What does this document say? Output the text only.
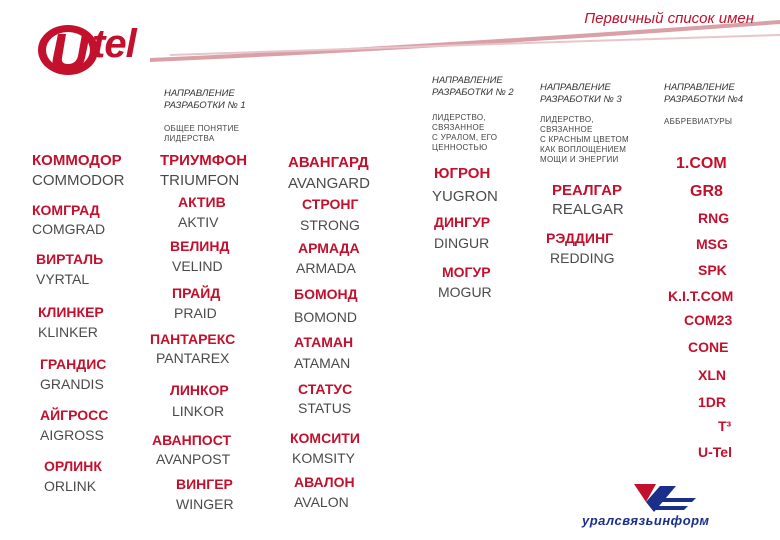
Первичный список имен
tel
НАПРАВЛЕНИЕ
РАЗРАБОТКИ № 1
ОБЩЕЕ ПОНЯТИЕ
ЛИДЕРСТВА
НАПРАВЛЕНИЕ
РАЗРАБОТКИ № 2
ЛИДЕРСТВО,
СВЯЗАННОЕ
С УРАЛОМ, ЕГО
ЦЕННОСТЬЮ
НАПРАВЛЕНИЕ
РАЗРАБОТКИ № 3
ЛИДЕРСТВО,
СВЯЗАННОЕ
С КРАСНЫМ ЦВЕТОМ
КАК ВОПЛОЩЕНИЕМ
МОЩИ И ЭНЕРГИИ
НАПРАВЛЕНИЕ
РАЗРАБОТКИ №4
АББРЕВИАТУРЫ
КОММОДОР
COMMODOR
КОМГРАД
COMGRAD
ВИРТАЛЬ
VYRTAL
КЛИНКЕР
KLINKER
ГРАНДИС
GRANDIS
АЙГРОСС
AIGROSS
ОРЛИНК
ORLINK
ТРИУМФОН
TRIUMFON
АКТИВ
AKTIV
ВЕЛИНД
VELIND
ПРАЙД
PRAID
ПАНТАРЕКС
PANTAREX
ЛИНКОР
LINKOR
АВАНПОСТ
AVANPOST
ВИНГЕР
WINGER
АВАНГАРД
AVANGARD
СТРОНГ
STRONG
АРМАДА
ARMADA
БОМОНД
BOMOND
АТАМАН
ATAMAN
СТАТУС
STATUS
КОМСИТИ
KOMSITY
АВАЛОН
AVALON
ЮГРОН
YUGRON
ДИНГУР
DINGUR
МОГУР
MOGUR
РЕАЛГАР
REALGAR
РЭДДИНГ
REDDING
1.COM
GR8
RNG
MSG
SPK
K.I.T.COM
COM23
CONE
XLN
1DR
T³
U-Tel
уралсвязьинформ
